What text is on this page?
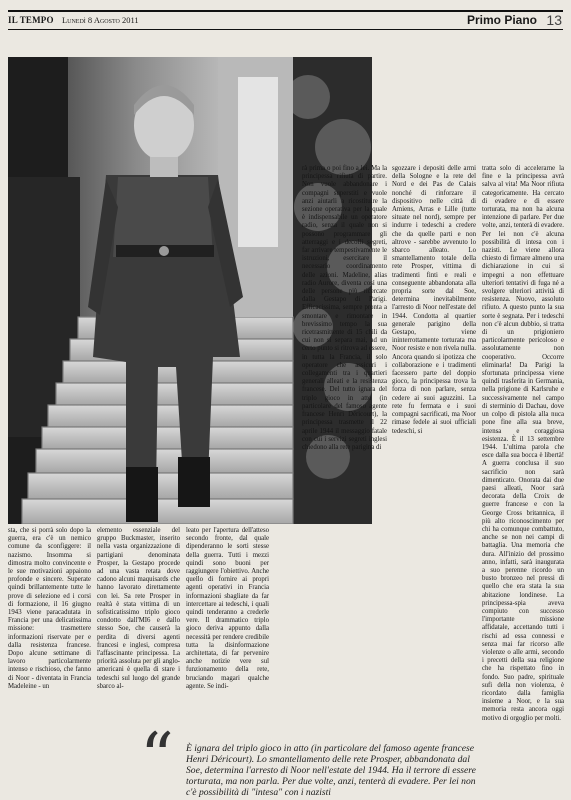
IL TEMPO Lunedì 8 Agosto 2011	Primo Piano 13

rà prima o poi fino a lei. Ma la principessa rifiuta di partire. Non vuole abbandonare i compagni superstiti e vuole anzi aiutarli a ricostituire la sezione operativa per la quale è indispensabile un operatore radio, senza il quale non si possono programmare gli atterraggi e i decolli segreti, far arrivare tempestivamente le istruzioni, esercitare il necessario coordinamento delle azioni. Madeline, alias radio Aurore, diventa così una delle persone più ricercate dalla Gestapo di Parigi. Efficacissima, sempre pronta a smontare e rimontare in brevissimo tempo la sua ricetrasmittente di 15 chili da cui non si separa mai, ad un certo punto si ritrova ad essere, in tutta la Francia, il solo operatore che assicuri i collegamenti tra i quartieri generali alleati e la resistenza francese. Del tutto ignara del triplo gioco in atto (in particolare del famoso agente francese Henri Déricourt), la principessa trasmette il 22 aprile 1944 il messaggio fatale con cui i servizi segreti inglesi chiedono alla rete parigina di

sgozzare i depositi delle armi della Sologne e la rete del Nord e dei Pas de Calais nonché di rinforzare il dispositivo nelle città di Amiens, Arras e Lille (tutte situate nel nord), sempre per indurre i tedeschi a credere che da quelle parti e non altrove - sarebbe avvenuto lo sbarco alleato. Lo smantellamento totale della rete Prosper, vittima di tradimenti finti e reali e conseguente abbandonata alla propria sorte dal Soe, determina inevitabilmente l'arresto di Noor nell'estate del 1944. Condotta al quartier generale parigino della Gestapo, viene ininterrottamente torturata ma Noor resiste e non rivela nulla. Ancora quando si ipotizza che collaborazione e i tradimenti facessero parte del doppio gioco, la principessa trova la forza di non parlare, senza cedere ai suoi aguzzini. La rete fu fermata e i suoi compagni sacrificati, ma Noor rimase fedele ai suoi ufficiali tedeschi, si

tratta solo di accelerarne la fine e la principessa avrà salva al vita! Ma Noor rifiuta categoricamente. Ha cercato di evadere e di essere torturata, ma non ha alcuna intenzione di parlare. Per due volte, anzi, tenterà di evadere. Per lei non c'è alcuna possibilità di intesa con i nazisti. Le viene allora chiesto di firmare almeno una dichiarazione in cui si impegni a non effettuare ulteriori tentativi di fuga né a svolgere ulteriori attività di resistenza. Nuovo, assoluto rifiuto. A questo punto la sua sorte è segnata. Per i tedeschi non c'è alcun dubbio, si tratta di un prigioniero particolarmente pericoloso e assolutamente non cooperativo. Occorre eliminarla! Da Parigi la sfortunata principessa viene quindi trasferita in Germania, nella prigione di Karlsruhe e successivamente nel campo di sterminio di Dachau, dove un colpo di pistola alla nuca pone fine alla sua breve, intensa e coraggiosa esistenza. È il 13 settembre 1944. L'ultima parola che esce dalla sua bocca è libertà! A guerra conclusa il suo sacrificio non sarà dimenticato. Onorata dai due paesi alleati, Noor sarà decorata della Croix de guerre francese e con la George Cross britannica, il più alto riconoscimento per chi ha comunque combattuto, anche se non nei campi di battaglia. Una memoria che dura. All'inizio del prossimo anno, infatti, sarà inaugurata a suo perenne ricordo un busto bronzeo nel pressi di quello che era stata la sua abitazione londinese. La principessa-spia aveva compiuto con successo l'importante missione affidatale, accettando tutti i rischi ad essa connessi e senza mai far ricorso alle violenze o alle armi, secondo i precetti della sua religione che ha rispettato fino in fondo. Suo padre, spirituale sufi della non violenza, è ricordato dalla famiglia insieme a Noor, e la sua memoria resta ancora oggi motivo di orgoglio per molti.

sta, che si porrà solo dopo la guerra, era c'è un nemico comune da sconfiggere: il nazismo. Insomma si dimostra molto convincente e le sue motivazioni appaiono profonde e sincere. Superate quindi brillantemente tutte le prove di selezione ed i corsi di formazione, il 16 giugno 1943 viene paracadutata in Francia per una delicatissima missione: trasmettere informazioni riservate per e dalla resistenza francese. Dopo alcune settimane di lavoro particolarmente intenso e rischioso, che fanno di Noor - diventata in Francia Madeleine - un

elemento essenziale del gruppo Buckmaster, inserito nella vasta organizzazione di partigiani denominata Prosper, la Gestapo procede ad una vasta retata dove cadono alcuni maquisards che hanno lavorato direttamente con lei. Sa rete Prosper in realtà è stata vittima di un sofisticatissimo triplo gioco condotto dall'MI6 e dallo stesso Soe, che causerà la perdita di diversi agenti francesi e inglesi, compresa l'affascinante principessa. La priorità assoluta per gli anglo-americani è quella di stare i tedeschi sul luogo del grande sbarco al-

leato per l'apertura dell'atteso secondo fronte, dal quale dipenderanno le sorti stesse della guerra. Tutti i mezzi quindi sono buoni per raggiungere l'obiettivo. Anche quello di fornire ai propri agenti operativi in Francia informazioni sbagliate da far intercettare ai tedeschi, i quali quindi tenderanno a crederle vere. Il drammatico triplo gioco deriva appunto dalla necessità per rendere credibile tutta la disinformazione architettata, di far pervenire anche notizie vere sul funzionamento della rete, bruciando magari qualche agente. Se indi-

“ È ignara del triplo gioco in atto (in particolare del famoso agente francese Henri Déricourt). Lo smantellamento delle rete Prosper, abbandonata dal Soe, determina l'arresto di Noor nell'estate del 1944. Ha il terrore di essere torturata, ma non parla. Per due volte, anzi, tenterà di evadere. Per lei non c'è possibilità di "intesa" con i nazisti
